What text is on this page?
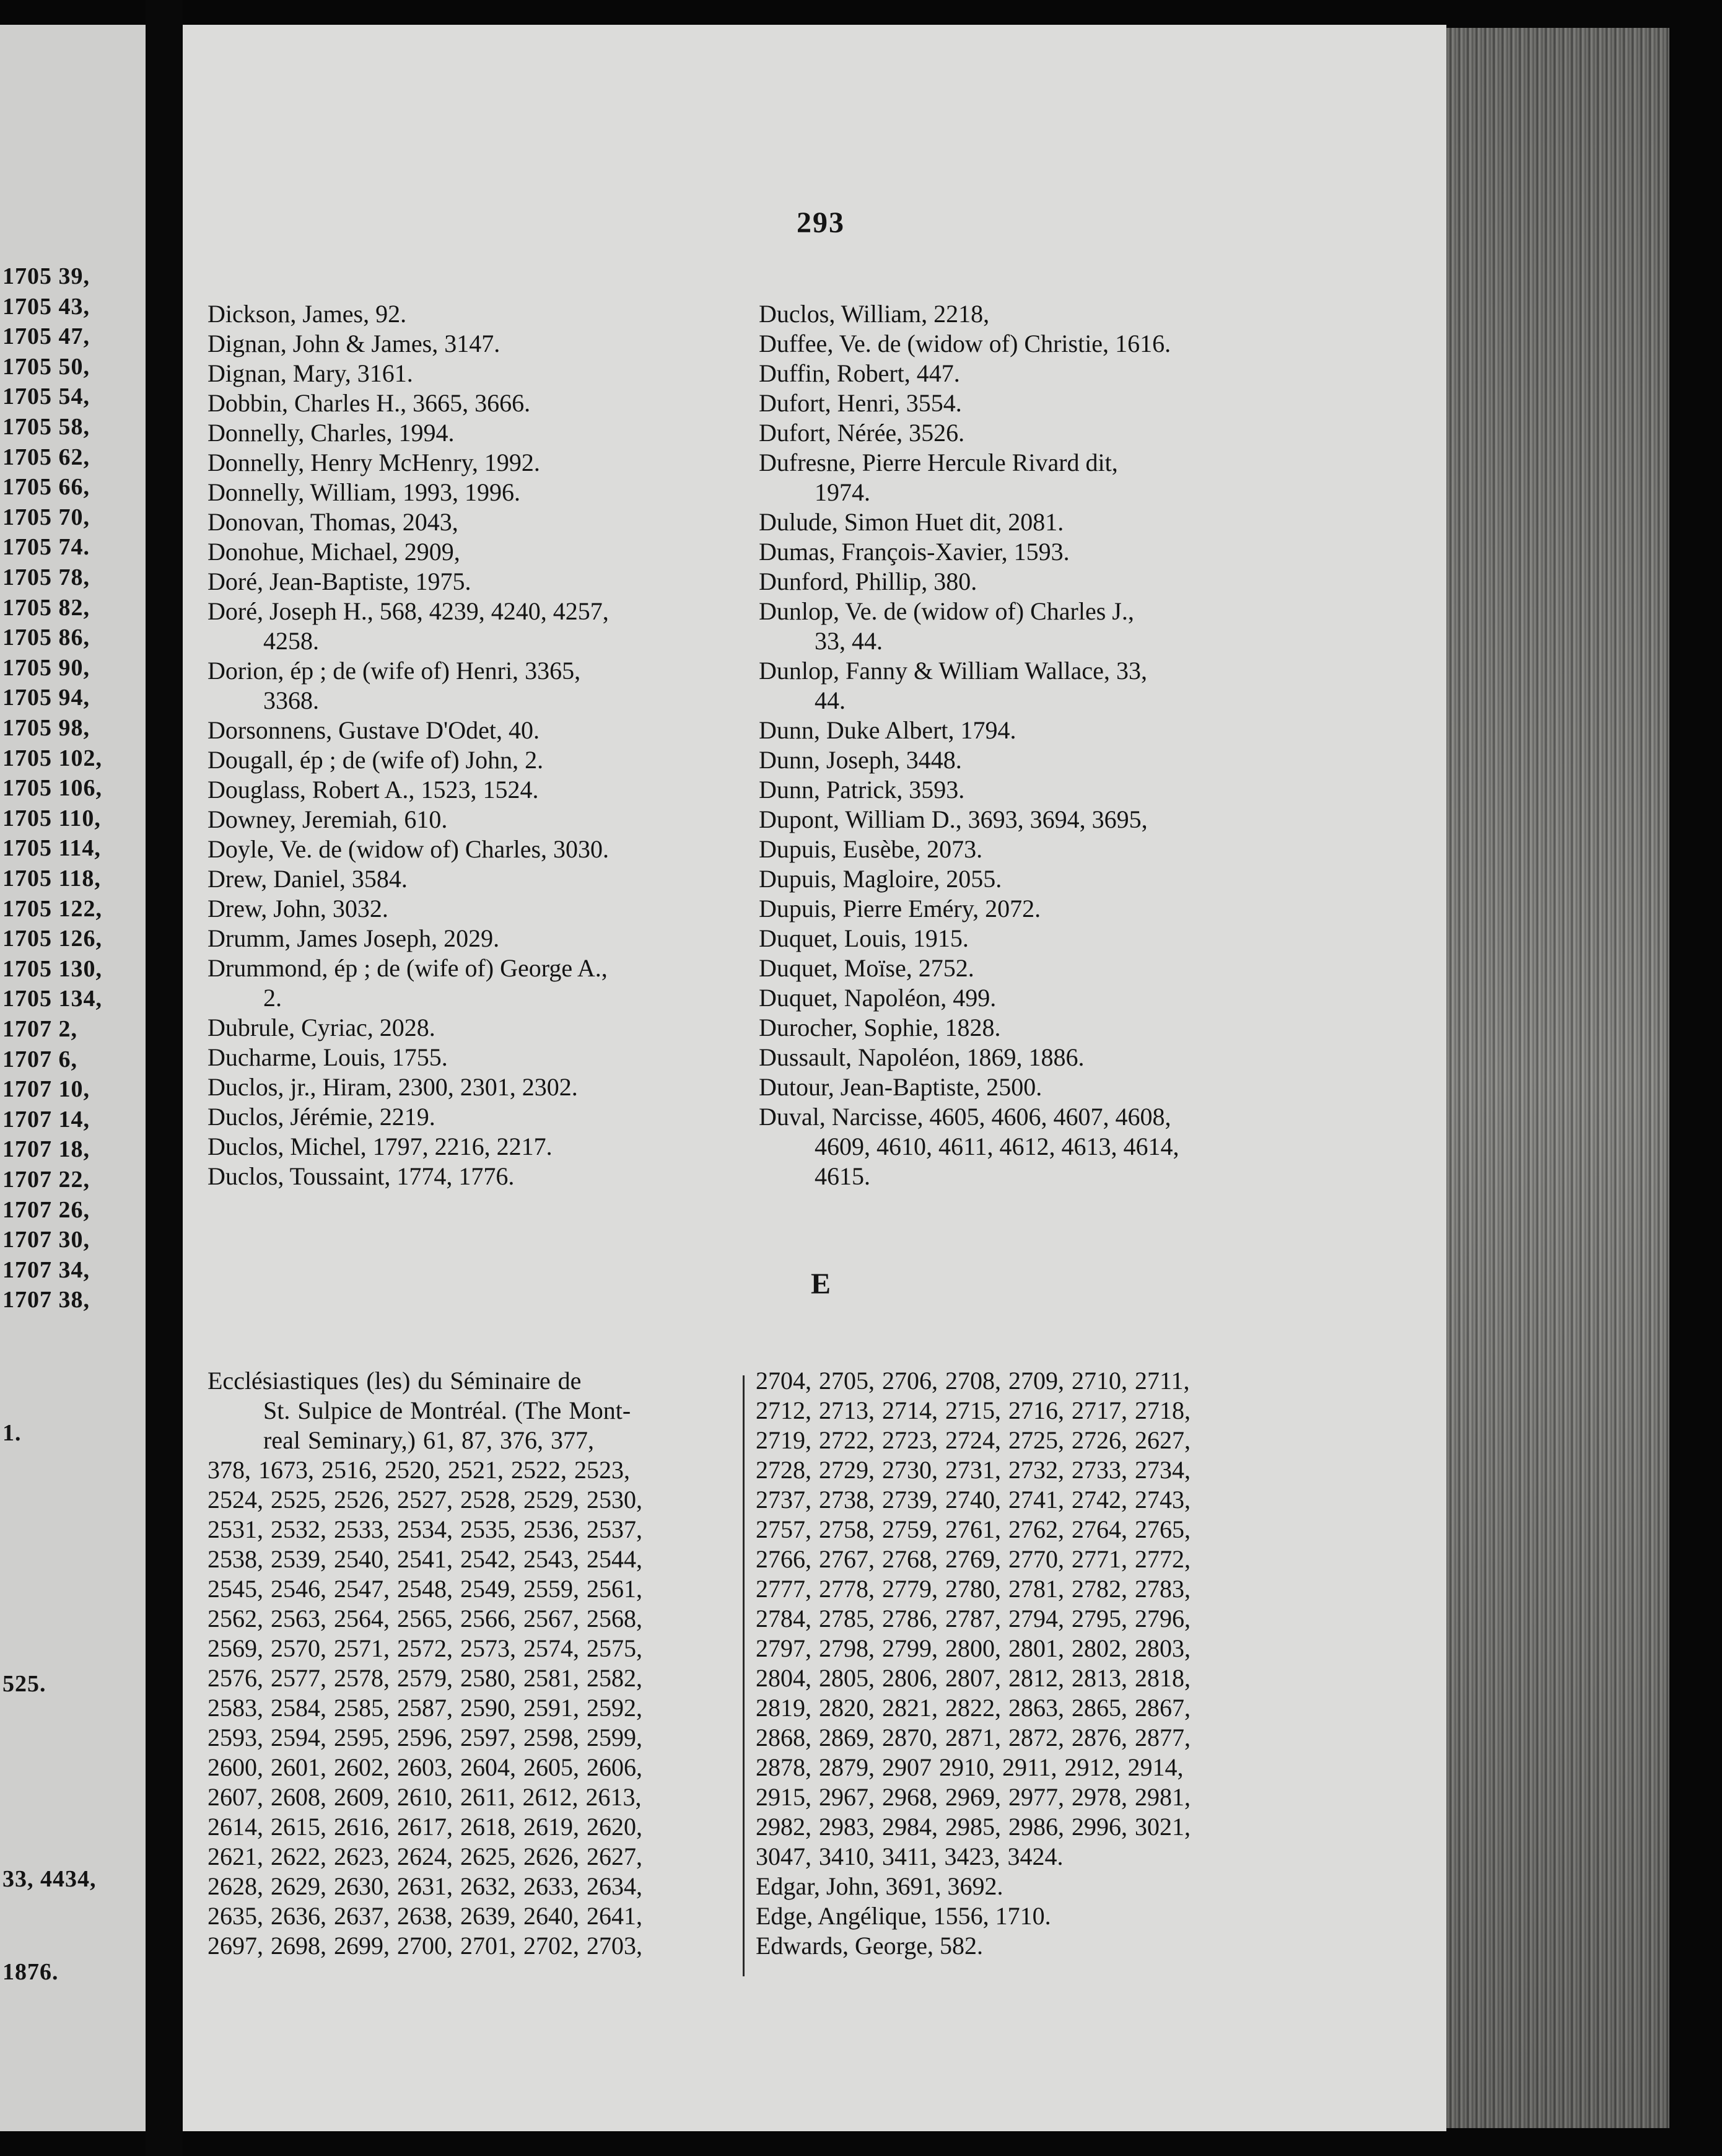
1705 39,
1705 43,
1705 47,
1705 50,
1705 54,
1705 58,
1705 62,
1705 66,
1705 70,
1705 74.
1705 78,
1705 82,
1705 86,
1705 90,
1705 94,
1705 98,
1705 102,
1705 106,
1705 110,
1705 114,
1705 118,
1705 122,
1705 126,
1705 130,
1705 134,
1707 2,
1707 6,
1707 10,
1707 14,
1707 18,
1707 22,
1707 26,
1707 30,
1707 34,
1707 38,
1.
525.
33, 4434,
1876.
293
Dickson, James, 92.
Dignan, John & James, 3147.
Dignan, Mary, 3161.
Dobbin, Charles H., 3665, 3666.
Donnelly, Charles, 1994.
Donnelly, Henry McHenry, 1992.
Donnelly, William, 1993, 1996.
Donovan, Thomas, 2043,
Donohue, Michael, 2909,
Doré, Jean-Baptiste, 1975.
Doré, Joseph H., 568, 4239, 4240, 4257,
4258.
Dorion, ép ; de (wife of) Henri, 3365,
3368.
Dorsonnens, Gustave D'Odet, 40.
Dougall, ép ; de (wife of) John, 2.
Douglass, Robert A., 1523, 1524.
Downey, Jeremiah, 610.
Doyle, Ve. de (widow of) Charles, 3030.
Drew, Daniel, 3584.
Drew, John, 3032.
Drumm, James Joseph, 2029.
Drummond, ép ; de (wife of) George A.,
2.
Dubrule, Cyriac, 2028.
Ducharme, Louis, 1755.
Duclos, jr., Hiram, 2300, 2301, 2302.
Duclos, Jérémie, 2219.
Duclos, Michel, 1797, 2216, 2217.
Duclos, Toussaint, 1774, 1776.
Duclos, William, 2218,
Duffee, Ve. de (widow of) Christie, 1616.
Duffin, Robert, 447.
Dufort, Henri, 3554.
Dufort, Nérée, 3526.
Dufresne, Pierre Hercule Rivard dit,
1974.
Dulude, Simon Huet dit, 2081.
Dumas, François-Xavier, 1593.
Dunford, Phillip, 380.
Dunlop, Ve. de (widow of) Charles J.,
33, 44.
Dunlop, Fanny & William Wallace, 33,
44.
Dunn, Duke Albert, 1794.
Dunn, Joseph, 3448.
Dunn, Patrick, 3593.
Dupont, William D., 3693, 3694, 3695,
Dupuis, Eusèbe, 2073.
Dupuis, Magloire, 2055.
Dupuis, Pierre Eméry, 2072.
Duquet, Louis, 1915.
Duquet, Moïse, 2752.
Duquet, Napoléon, 499.
Durocher, Sophie, 1828.
Dussault, Napoléon, 1869, 1886.
Dutour, Jean-Baptiste, 2500.
Duval, Narcisse, 4605, 4606, 4607, 4608,
4609, 4610, 4611, 4612, 4613, 4614,
4615.
E
Ecclésiastiques (les) du Séminaire de
St. Sulpice de Montréal. (The Mont-
real Seminary,) 61, 87, 376, 377,
378, 1673, 2516, 2520, 2521, 2522, 2523,
2524, 2525, 2526, 2527, 2528, 2529, 2530,
2531, 2532, 2533, 2534, 2535, 2536, 2537,
2538, 2539, 2540, 2541, 2542, 2543, 2544,
2545, 2546, 2547, 2548, 2549, 2559, 2561,
2562, 2563, 2564, 2565, 2566, 2567, 2568,
2569, 2570, 2571, 2572, 2573, 2574, 2575,
2576, 2577, 2578, 2579, 2580, 2581, 2582,
2583, 2584, 2585, 2587, 2590, 2591, 2592,
2593, 2594, 2595, 2596, 2597, 2598, 2599,
2600, 2601, 2602, 2603, 2604, 2605, 2606,
2607, 2608, 2609, 2610, 2611, 2612, 2613,
2614, 2615, 2616, 2617, 2618, 2619, 2620,
2621, 2622, 2623, 2624, 2625, 2626, 2627,
2628, 2629, 2630, 2631, 2632, 2633, 2634,
2635, 2636, 2637, 2638, 2639, 2640, 2641,
2697, 2698, 2699, 2700, 2701, 2702, 2703,
2704, 2705, 2706, 2708, 2709, 2710, 2711,
2712, 2713, 2714, 2715, 2716, 2717, 2718,
2719, 2722, 2723, 2724, 2725, 2726, 2627,
2728, 2729, 2730, 2731, 2732, 2733, 2734,
2737, 2738, 2739, 2740, 2741, 2742, 2743,
2757, 2758, 2759, 2761, 2762, 2764, 2765,
2766, 2767, 2768, 2769, 2770, 2771, 2772,
2777, 2778, 2779, 2780, 2781, 2782, 2783,
2784, 2785, 2786, 2787, 2794, 2795, 2796,
2797, 2798, 2799, 2800, 2801, 2802, 2803,
2804, 2805, 2806, 2807, 2812, 2813, 2818,
2819, 2820, 2821, 2822, 2863, 2865, 2867,
2868, 2869, 2870, 2871, 2872, 2876, 2877,
2878, 2879, 2907 2910, 2911, 2912, 2914,
2915, 2967, 2968, 2969, 2977, 2978, 2981,
2982, 2983, 2984, 2985, 2986, 2996, 3021,
3047, 3410, 3411, 3423, 3424.
Edgar, John, 3691, 3692.
Edge, Angélique, 1556, 1710.
Edwards, George, 582.
